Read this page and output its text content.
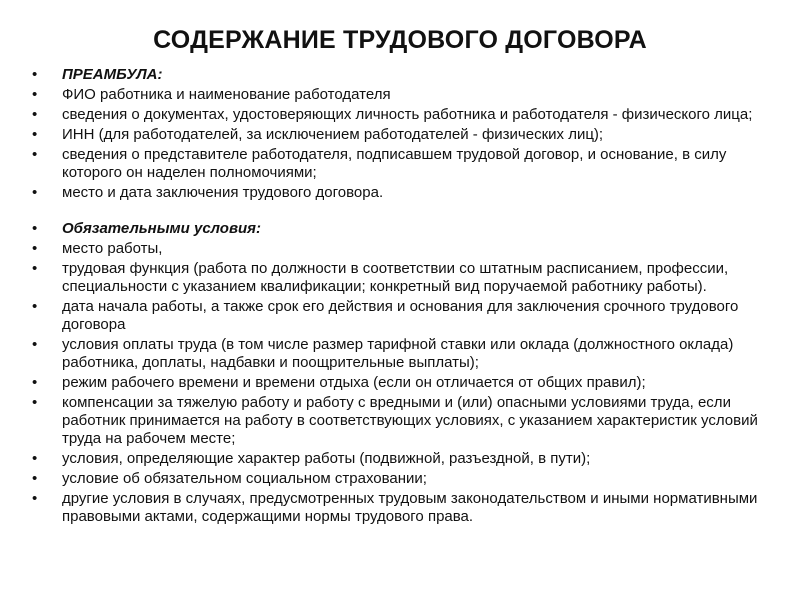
СОДЕРЖАНИЕ ТРУДОВОГО ДОГОВОРА
• ПРЕАМБУЛА:
• ФИО работника и наименование работодателя
• сведения о документах, удостоверяющих личность работника и работодателя - физического лица;
• ИНН (для работодателей, за исключением работодателей - физических лиц);
• сведения о представителе работодателя, подписавшем трудовой договор, и основание, в силу которого он наделен полномочиями;
• место и дата заключения трудового договора.
• Обязательными условия:
• место работы,
• трудовая функция (работа по должности в соответствии со штатным расписанием, профессии, специальности с указанием квалификации; конкретный вид поручаемой работнику работы).
• дата начала работы, а также срок его действия и основания для заключения срочного трудового договора
• условия оплаты труда (в том числе размер тарифной ставки или оклада (должностного оклада) работника, доплаты, надбавки и поощрительные выплаты);
• режим рабочего времени и времени отдыха (если он отличается от общих правил);
• компенсации за тяжелую работу и работу с вредными и (или) опасными условиями труда, если работник принимается на работу в соответствующих условиях, с указанием характеристик условий труда на рабочем месте;
• условия, определяющие характер работы (подвижной, разъездной, в пути);
• условие об обязательном социальном страховании;
• другие условия в случаях, предусмотренных трудовым законодательством и иными нормативными правовыми актами, содержащими нормы трудового права.
